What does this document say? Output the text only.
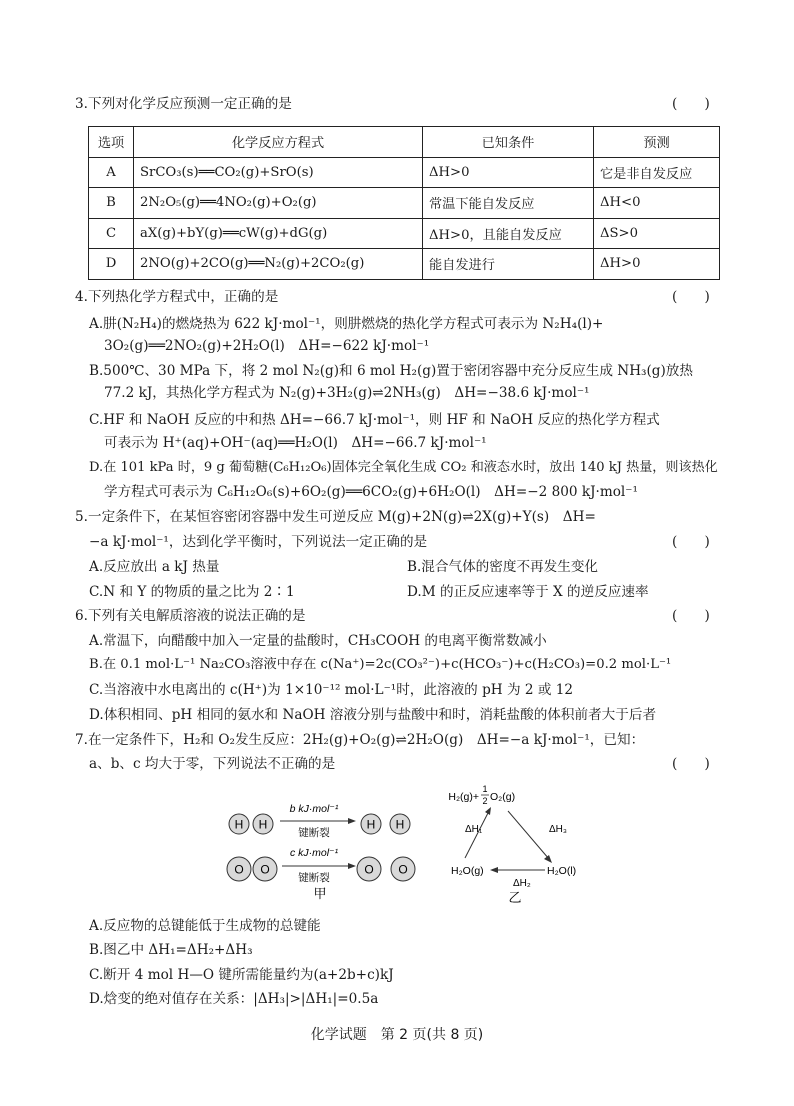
3.下列对化学反应预测一定正确的是	(　　)
选项	化学反应方程式	已知条件	预测
A	SrCO₃(s)══CO₂(g)+SrO(s)	ΔH>0	它是非自发反应
B	2N₂O₅(g)══4NO₂(g)+O₂(g)	常温下能自发反应	ΔH<0
C	aX(g)+bY(g)══cW(g)+dG(g)	ΔH>0，且能自发反应	ΔS>0
D	2NO(g)+2CO(g)══N₂(g)+2CO₂(g)	能自发进行	ΔH>0
4.下列热化学方程式中，正确的是	(　　)
A.肼(N₂H₄)的燃烧热为 622 kJ·mol⁻¹，则肼燃烧的热化学方程式可表示为 N₂H₄(l)+
3O₂(g)══2NO₂(g)+2H₂O(l)　ΔH=−622 kJ·mol⁻¹
B.500℃、30 MPa 下，将 2 mol N₂(g)和 6 mol H₂(g)置于密闭容器中充分反应生成 NH₃(g)放热
77.2 kJ，其热化学方程式为 N₂(g)+3H₂(g)⇌2NH₃(g)　ΔH=−38.6 kJ·mol⁻¹
C.HF 和 NaOH 反应的中和热 ΔH=−66.7 kJ·mol⁻¹，则 HF 和 NaOH 反应的热化学方程式
可表示为 H⁺(aq)+OH⁻(aq)══H₂O(l)　ΔH=−66.7 kJ·mol⁻¹
D.在 101 kPa 时，9 g 葡萄糖(C₆H₁₂O₆)固体完全氧化生成 CO₂ 和液态水时，放出 140 kJ 热量，则该热化
学方程式可表示为 C₆H₁₂O₆(s)+6O₂(g)══6CO₂(g)+6H₂O(l)　ΔH=−2 800 kJ·mol⁻¹
5.一定条件下，在某恒容密闭容器中发生可逆反应 M(g)+2N(g)⇌2X(g)+Y(s)　ΔH=
−a kJ·mol⁻¹，达到化学平衡时，下列说法一定正确的是	(　　)
A.反应放出 a kJ 热量	B.混合气体的密度不再发生变化
C.N 和 Y 的物质的量之比为 2∶1	D.M 的正反应速率等于 X 的逆反应速率
6.下列有关电解质溶液的说法正确的是	(　　)
A.常温下，向醋酸中加入一定量的盐酸时，CH₃COOH 的电离平衡常数减小
B.在 0.1 mol·L⁻¹ Na₂CO₃溶液中存在 c(Na⁺)=2c(CO₃²⁻)+c(HCO₃⁻)+c(H₂CO₃)=0.2 mol·L⁻¹
C.当溶液中水电离出的 c(H⁺)为 1×10⁻¹² mol·L⁻¹时，此溶液的 pH 为 2 或 12
D.体积相同、pH 相同的氨水和 NaOH 溶液分别与盐酸中和时，消耗盐酸的体积前者大于后者
7.在一定条件下，H₂和 O₂发生反应：2H₂(g)+O₂(g)⇌2H₂O(g)　ΔH=−a kJ·mol⁻¹，已知：
a、b、c 均大于零，下列说法不正确的是	(　　)
H H
b kJ·mol⁻¹
键断裂
H H
O O
c kJ·mol⁻¹
键断裂
O O
甲
H₂(g)+
1
2 O₂(g)
ΔH₁	ΔH₃
H₂O(g)	H₂O(l)
ΔH₂
乙
A.反应物的总键能低于生成物的总键能
B.图乙中 ΔH₁=ΔH₂+ΔH₃
C.断开 4 mol H—O 键所需能量约为(a+2b+c)kJ
D.焓变的绝对值存在关系：|ΔH₃|>|ΔH₁|=0.5a
化学试题　第 2 页(共 8 页)
